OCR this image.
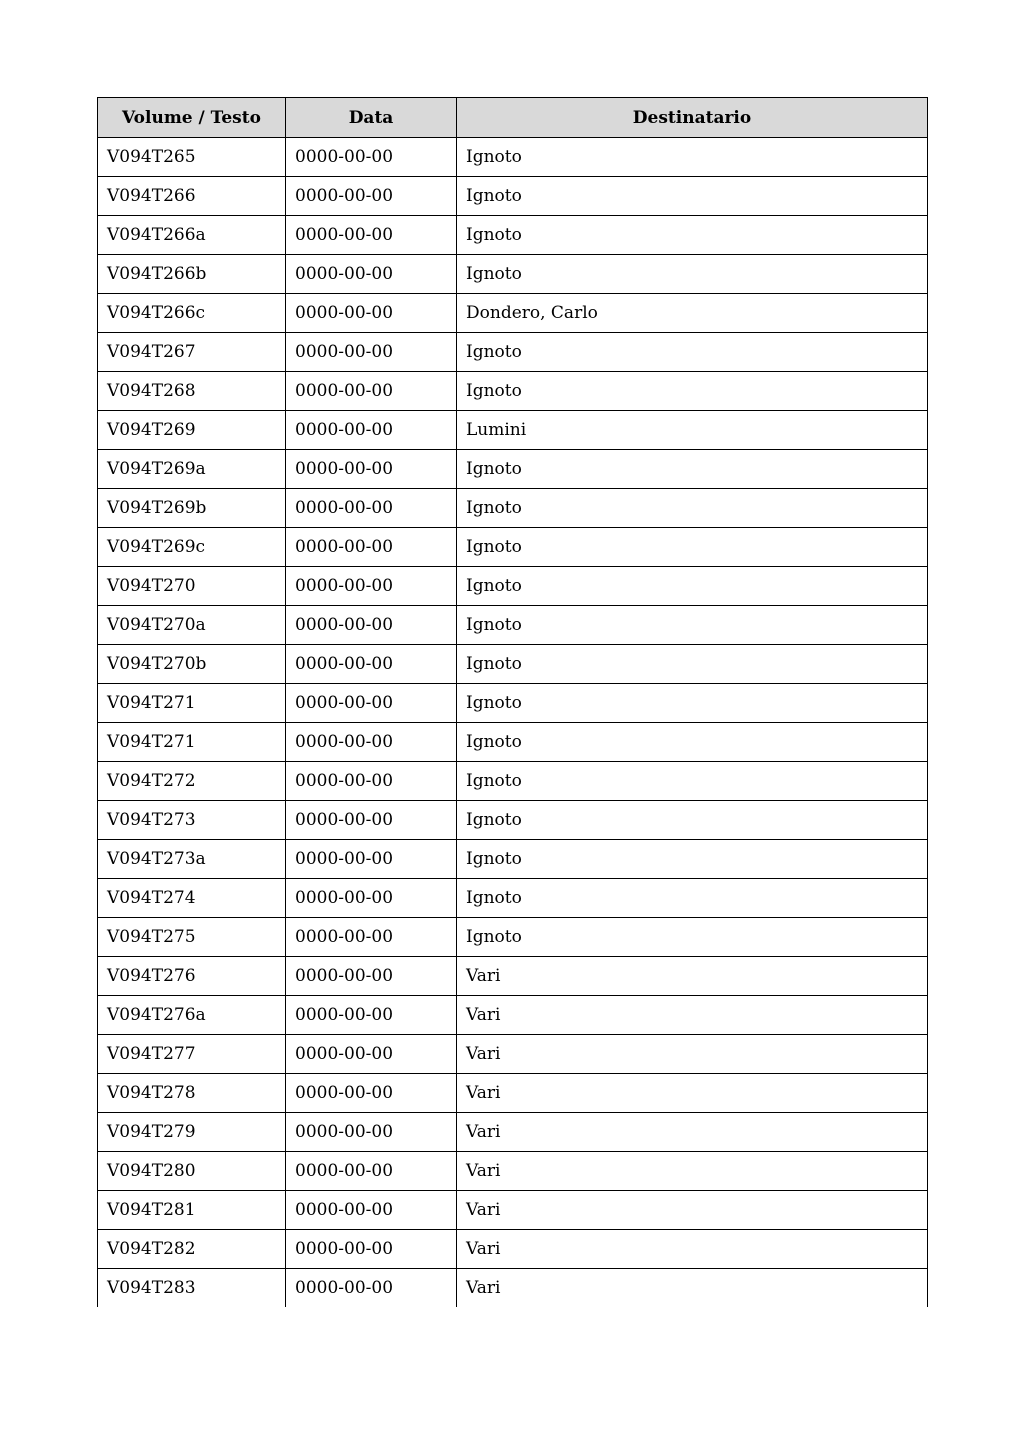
Volume / Testo	Data	Destinatario
V094T265	0000-00-00	Ignoto
V094T266	0000-00-00	Ignoto
V094T266a	0000-00-00	Ignoto
V094T266b	0000-00-00	Ignoto
V094T266c	0000-00-00	Dondero, Carlo
V094T267	0000-00-00	Ignoto
V094T268	0000-00-00	Ignoto
V094T269	0000-00-00	Lumini
V094T269a	0000-00-00	Ignoto
V094T269b	0000-00-00	Ignoto
V094T269c	0000-00-00	Ignoto
V094T270	0000-00-00	Ignoto
V094T270a	0000-00-00	Ignoto
V094T270b	0000-00-00	Ignoto
V094T271	0000-00-00	Ignoto
V094T271	0000-00-00	Ignoto
V094T272	0000-00-00	Ignoto
V094T273	0000-00-00	Ignoto
V094T273a	0000-00-00	Ignoto
V094T274	0000-00-00	Ignoto
V094T275	0000-00-00	Ignoto
V094T276	0000-00-00	Vari
V094T276a	0000-00-00	Vari
V094T277	0000-00-00	Vari
V094T278	0000-00-00	Vari
V094T279	0000-00-00	Vari
V094T280	0000-00-00	Vari
V094T281	0000-00-00	Vari
V094T282	0000-00-00	Vari
V094T283	0000-00-00	Vari
